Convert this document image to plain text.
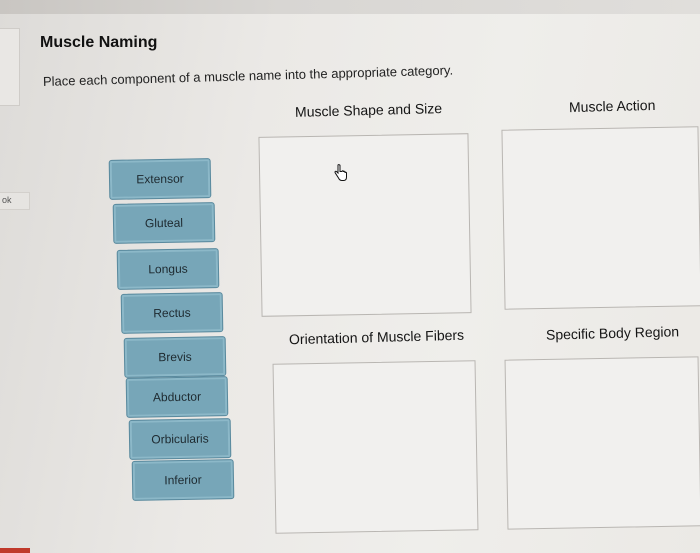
ok
Muscle Naming
Place each component of a muscle name into the appropriate category.
Extensor
Gluteal
Longus
Rectus
Brevis
Abductor
Orbicularis
Inferior
Muscle Shape and Size	Muscle Action
Orientation of Muscle Fibers	Specific Body Region
